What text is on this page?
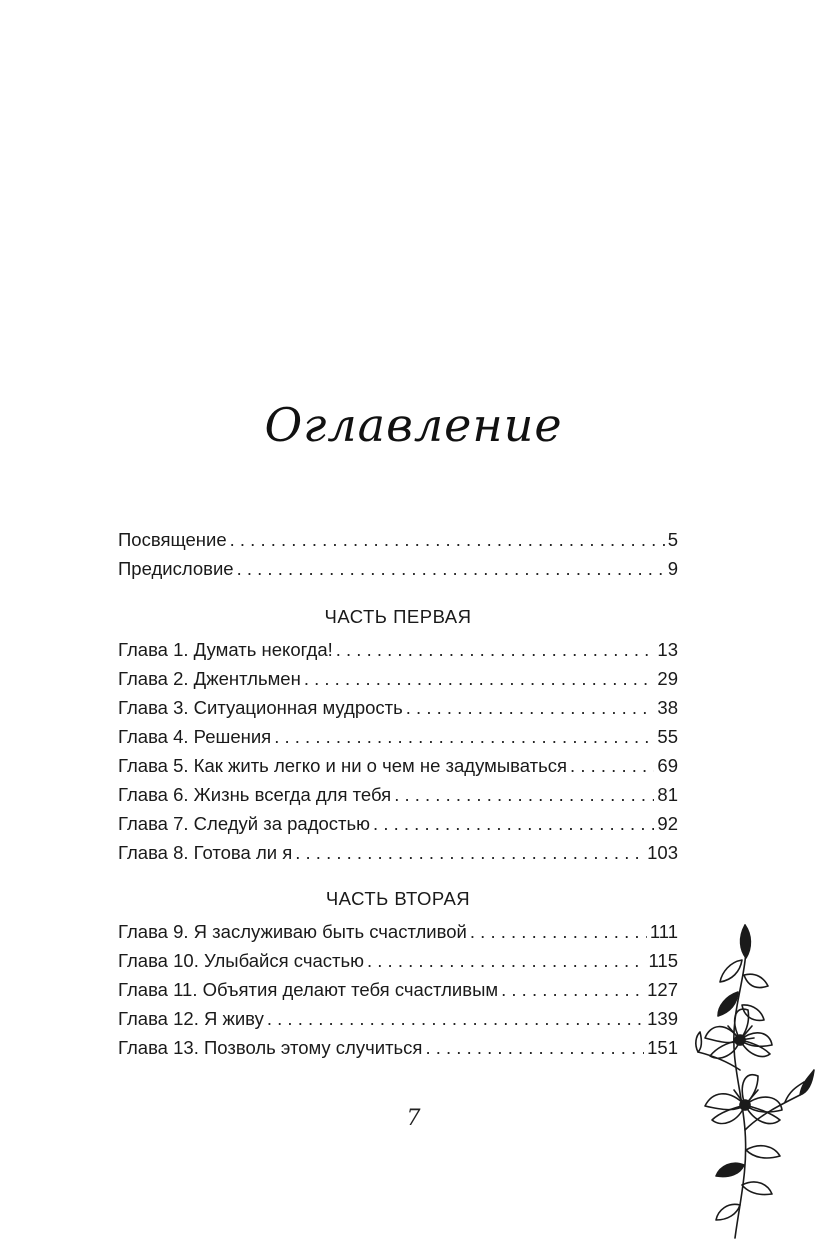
Оглавление
Посвящение . . .	5
Предисловие . . .	9
ЧАСТЬ ПЕРВАЯ
Глава 1. Думать некогда! . . .	13
Глава 2. Джентльмен . . .	29
Глава 3. Ситуационная мудрость . . .	38
Глава 4. Решения . . .	55
Глава 5. Как жить легко и ни о чем не задумываться . . .	69
Глава 6. Жизнь всегда для тебя . . .	81
Глава 7. Следуй за радостью . . .	92
Глава 8. Готова ли я . . .	103
ЧАСТЬ ВТОРАЯ
Глава 9. Я заслуживаю быть счастливой . . .	111
Глава 10. Улыбайся счастью . . .	115
Глава 11. Объятия делают тебя счастливым . . .	127
Глава 12. Я живу . . .	139
Глава 13. Позволь этому случиться . . .	151
7
